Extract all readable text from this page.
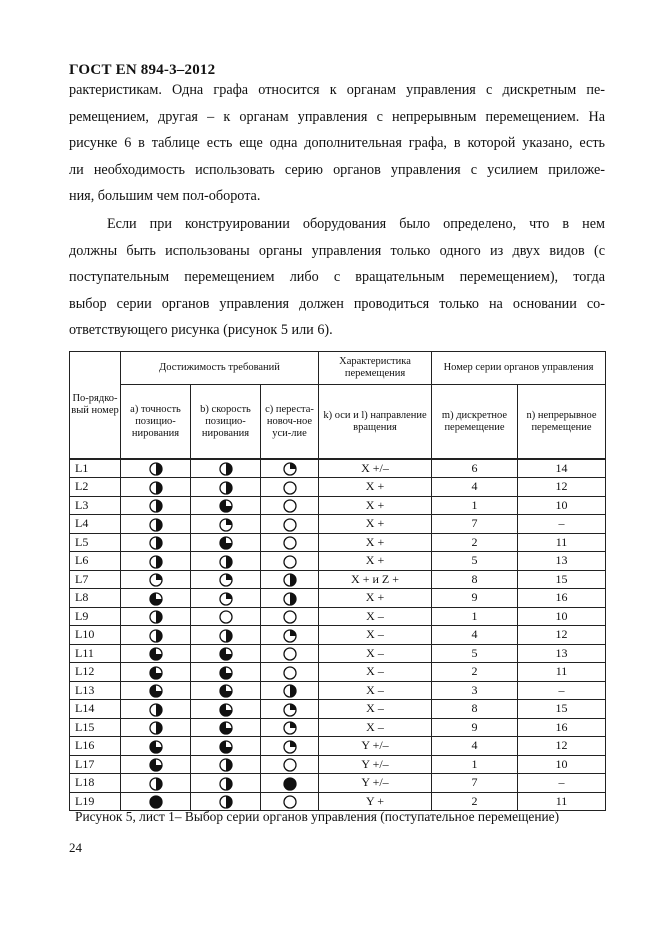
ГОСТ EN 894-3–2012
рактеристикам. Одна графа относится к органам управления с дискретным пе-
ремещением, другая – к органам управления с непрерывным перемещением. На
рисунке 6 в таблице есть еще одна дополнительная графа, в которой указано, есть
ли необходимость использовать серию органов управления с усилием приложе-
ния, большим чем пол-оборота.
Если при конструировании оборудования было определено, что в нем
должны быть использованы органы управления только одного из двух видов (с
поступательным перемещением либо с вращательным перемещением), тогда
выбор серии органов управления должен проводиться только на основании со-
ответствующего рисунка (рисунок 5 или 6).
По-рядко-вый номер	Достижимость требований			Характеристика перемещения	Номер серии органов управления	
	a) точность позицио-нирования	b) скорость позицио-нирования	c) переста-новоч-ное уси-лие	k) оси и l) направление вращения	m) дискретное перемещение	n) непрерывное перемещение
L1				X +/–	6	14
L2				X +	4	12
L3				X +	1	10
L4				X +	7	–
L5				X +	2	11
L6				X +	5	13
L7				X + и Z +	8	15
L8				X +	9	16
L9				X –	1	10
L10				X –	4	12
L11				X –	5	13
L12				X –	2	11
L13				X –	3	–
L14				X –	8	15
L15				X –	9	16
L16				Y +/–	4	12
L17				Y +/–	1	10
L18				Y +/–	7	–
L19				Y +	2	11
Рисунок 5, лист 1– Выбор серии органов управления (поступательное перемещение)
24
